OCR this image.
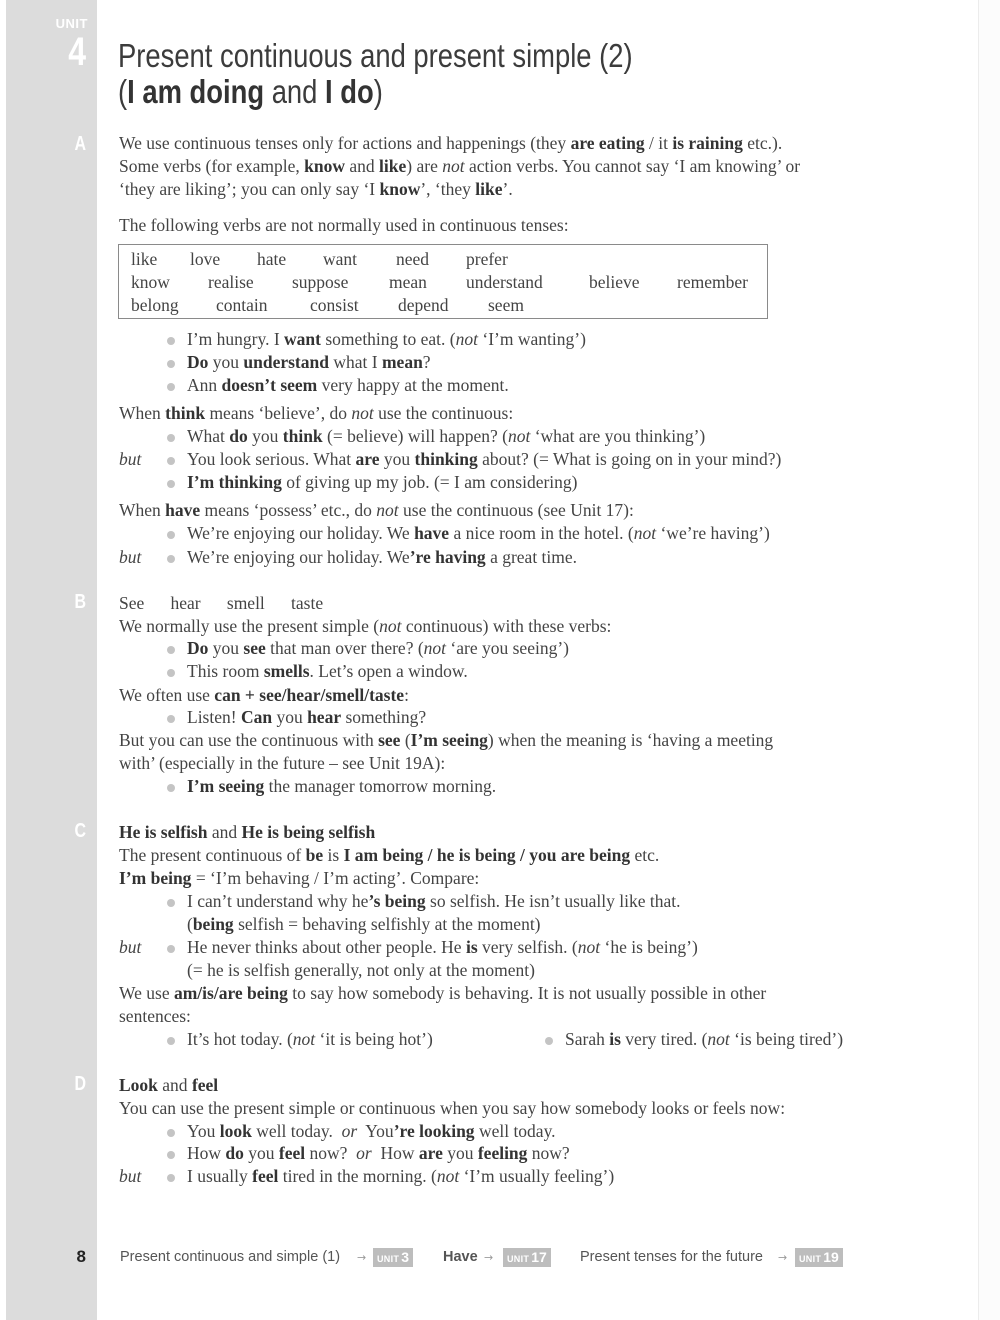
UNIT
4 Present continuous and present simple (2)
(I am doing and I do)
A We use continuous tenses only for actions and happenings (they are eating / it is raining etc.).
Some verbs (for example, know and like) are not action verbs. You cannot say ‘I am knowing’ or
‘they are liking’; you can only say ‘I know’, ‘they like’.
The following verbs are not normally used in continuous tenses:
like love hate want need prefer
know realise suppose mean understand	believe remember
belong contain consist depend seem
I’m hungry. I want something to eat. (not ‘I’m wanting’)
Do you understand what I mean?
Ann doesn’t seem very happy at the moment.
When think means ‘believe’, do not use the continuous:
What do you think (= believe) will happen? (not ‘what are you thinking’)
but	You look serious. What are you thinking about? (= What is going on in your mind?)
I’m thinking of giving up my job. (= I am considering)
When have means ‘possess’ etc., do not use the continuous (see Unit 17):
We’re enjoying our holiday. We have a nice room in the hotel. (not ‘we’re having’)
but	We’re enjoying our holiday. We’re having a great time.
B See      hear      smell      taste
We normally use the present simple (not continuous) with these verbs:
Do you see that man over there? (not ‘are you seeing’)
This room smells. Let’s open a window.
We often use can + see/hear/smell/taste:
Listen! Can you hear something?
But you can use the continuous with see (I’m seeing) when the meaning is ‘having a meeting
with’ (especially in the future – see Unit 19A):
I’m seeing the manager tomorrow morning.
C He is selfish and He is being selfish
The present continuous of be is I am being / he is being / you are being etc.
I’m being = ‘I’m behaving / I’m acting’. Compare:
I can’t understand why he’s being so selfish. He isn’t usually like that.
(being selfish = behaving selfishly at the moment)
but	He never thinks about other people. He is very selfish. (not ‘he is being’)
(= he is selfish generally, not only at the moment)
We use am/is/are being to say how somebody is behaving. It is not usually possible in other
sentences:
It’s hot today. (not ‘it is being hot’)	Sarah is very tired. (not ‘is being tired’)
D Look and feel
You can use the present simple or continuous when you say how somebody looks or feels now:
You look well today.  or  You’re looking well today.
How do you feel now?  or  How are you feeling now?
but	I usually feel tired in the morning. (not ‘I’m usually feeling’)
8 Present continuous and simple (1) →	UNIT 3 Have →	UNIT 17 Present tenses for the future →	UNIT 19
